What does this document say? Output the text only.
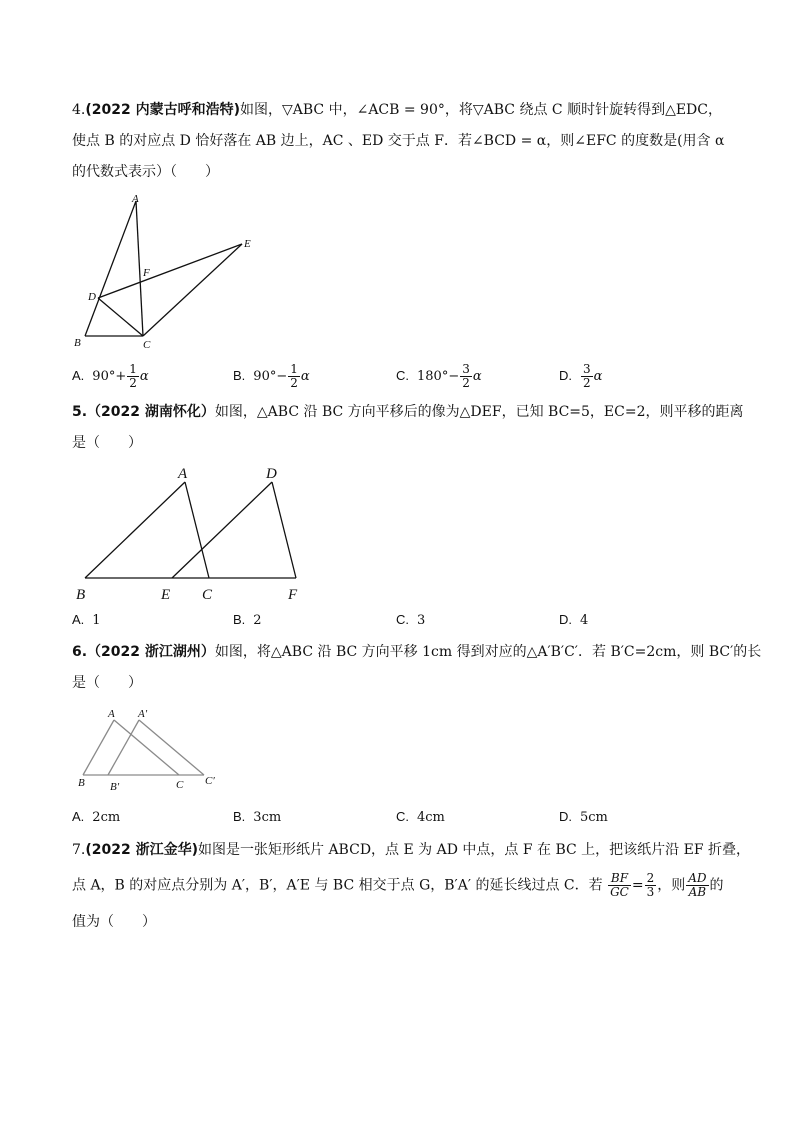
4.(2022 内蒙古呼和浩特)如图，▽ABC 中，∠ACB = 90°，将▽ABC 绕点 C 顺时针旋转得到△EDC，
使点 B 的对应点 D 恰好落在 AB 边上，AC 、ED 交于点 F．若∠BCD = α，则∠EFC 的度数是(用含 α
的代数式表示）（　　）
A
E
F
D
B	C
A. $90^\circ+ \frac{1}{2}$ α	B. $90^\circ- \frac{1}{2}$ α	C. $180^\circ- \frac{3}{2}$ α	D. $\frac{3}{2}$ α
5.（2022 湖南怀化）如图，△ABC 沿 BC 方向平移后的像为△DEF，已知 BC=5，EC=2，则平移的距离
是（　　）
A	D
B	E C	F
A. 1	B. 2	C. 3	D. 4
6.（2022 浙江湖州）如图，将△ABC 沿 BC 方向平移 1cm 得到对应的△A′B′C′．若 B′C=2cm，则 BC′的长
是（　　）
A A′
B B′	C C′
A. 2cm	B. 3cm	C. 4cm	D. 5cm
7.(2022 浙江金华)如图是一张矩形纸片 ABCD，点 E 为 AD 中点，点 F 在 BC 上，把该纸片沿 EF 折叠，
点 A，B 的对应点分别为 A′，B′，A′E 与 BC 相交于点 G，B′A′ 的延长线过点 C．若 $\frac{BF}{GC} = \frac{2}{3}$ ，则 $\frac{AD}{AB}$ 的
值为（　　）
